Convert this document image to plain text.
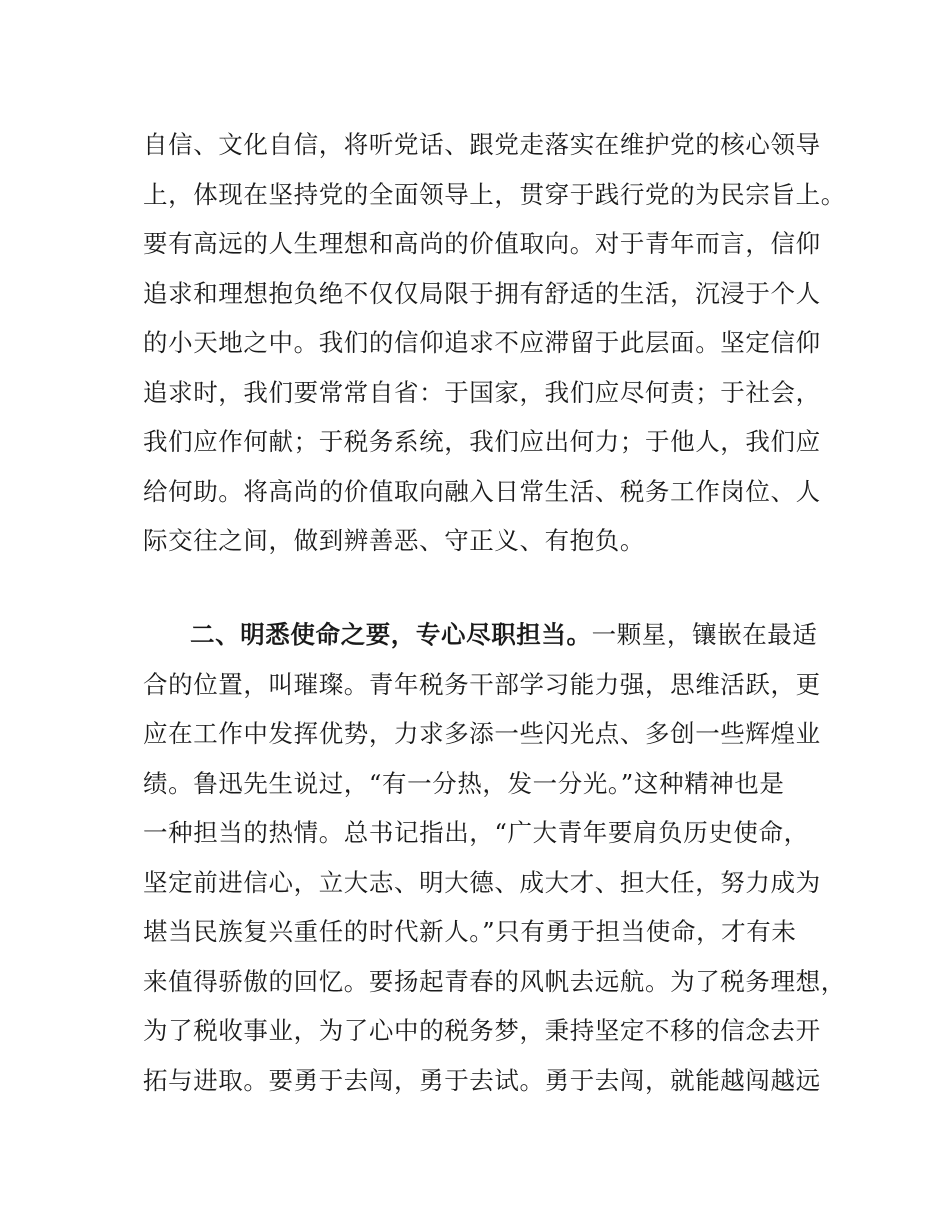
自信、文化自信，将听党话、跟党走落实在维护党的核心领导
上，体现在坚持党的全面领导上，贯穿于践行党的为民宗旨上。
要有高远的人生理想和高尚的价值取向。对于青年而言，信仰
追求和理想抱负绝不仅仅局限于拥有舒适的生活，沉浸于个人
的小天地之中。我们的信仰追求不应滞留于此层面。坚定信仰
追求时，我们要常常自省：于国家，我们应尽何责；于社会，
我们应作何献；于税务系统，我们应出何力；于他人，我们应
给何助。将高尚的价值取向融入日常生活、税务工作岗位、人
际交往之间，做到辨善恶、守正义、有抱负。
二、明悉使命之要，专心尽职担当。一颗星，镶嵌在最适
合的位置，叫璀璨。青年税务干部学习能力强，思维活跃，更
应在工作中发挥优势，力求多添一些闪光点、多创一些辉煌业
绩。鲁迅先生说过，“有一分热，发一分光。”这种精神也是
一种担当的热情。总书记指出，“广大青年要肩负历史使命，
坚定前进信心，立大志、明大德、成大才、担大任，努力成为
堪当民族复兴重任的时代新人。”只有勇于担当使命，才有未
来值得骄傲的回忆。要扬起青春的风帆去远航。为了税务理想，
为了税收事业，为了心中的税务梦，秉持坚定不移的信念去开
拓与进取。要勇于去闯，勇于去试。勇于去闯，就能越闯越远
